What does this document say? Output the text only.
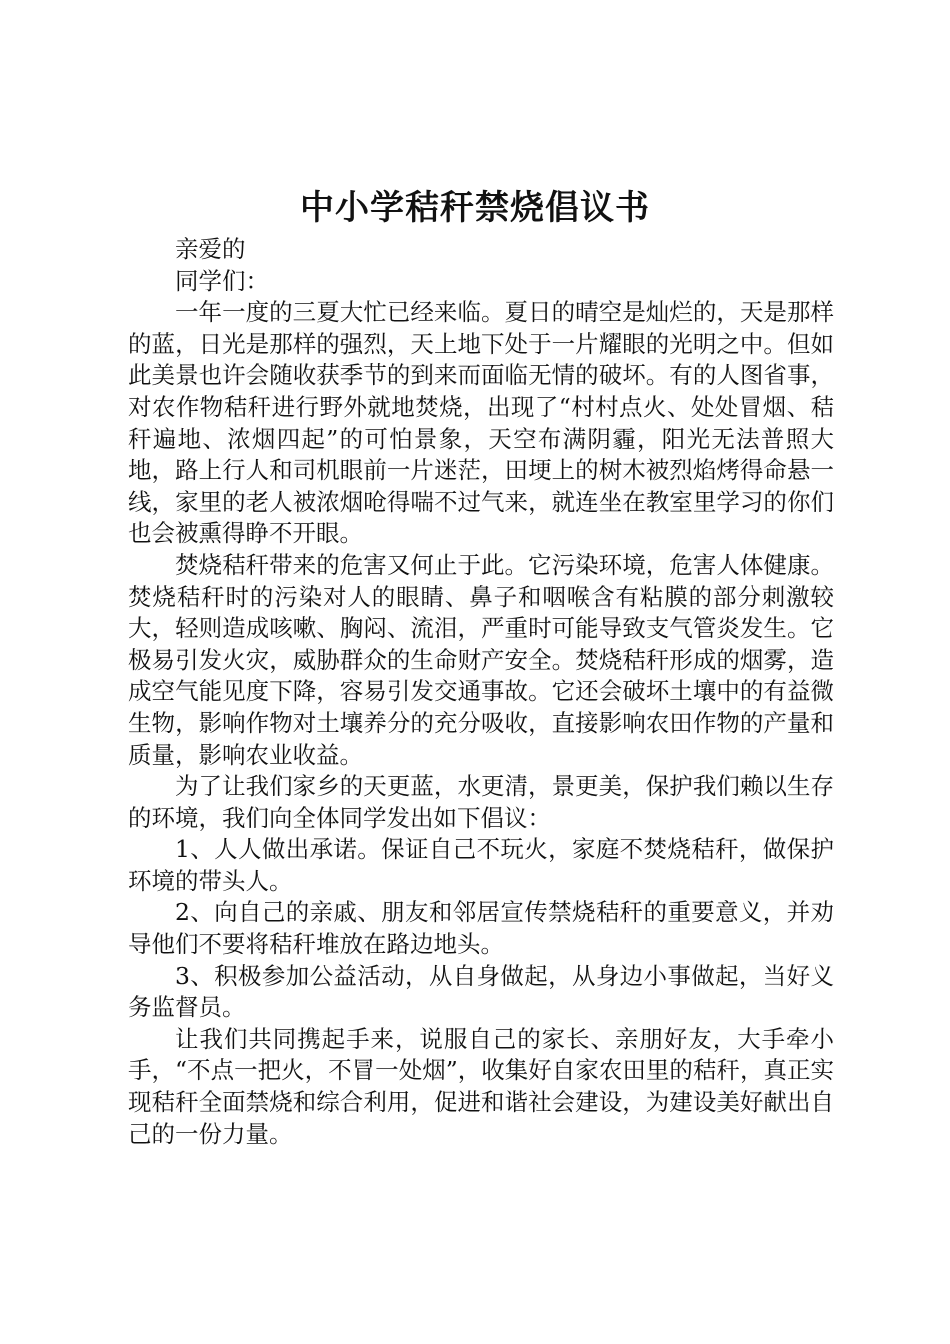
中小学秸秆禁烧倡议书

亲爱的

同学们：

一年一度的三夏大忙已经来临。夏日的晴空是灿烂的，天是那样的蓝，日光是那样的强烈，天上地下处于一片耀眼的光明之中。但如此美景也许会随收获季节的到来而面临无情的破坏。有的人图省事，对农作物秸秆进行野外就地焚烧，出现了“村村点火、处处冒烟、秸秆遍地、浓烟四起”的可怕景象，天空布满阴霾，阳光无法普照大地，路上行人和司机眼前一片迷茫，田埂上的树木被烈焰烤得命悬一线，家里的老人被浓烟呛得喘不过气来，就连坐在教室里学习的你们也会被熏得睁不开眼。

焚烧秸秆带来的危害又何止于此。它污染环境，危害人体健康。焚烧秸秆时的污染对人的眼睛、鼻子和咽喉含有粘膜的部分刺激较大，轻则造成咳嗽、胸闷、流泪，严重时可能导致支气管炎发生。它极易引发火灾，威胁群众的生命财产安全。焚烧秸秆形成的烟雾，造成空气能见度下降，容易引发交通事故。它还会破坏土壤中的有益微生物，影响作物对土壤养分的充分吸收，直接影响农田作物的产量和质量，影响农业收益。

为了让我们家乡的天更蓝，水更清，景更美，保护我们赖以生存的环境，我们向全体同学发出如下倡议：

1、人人做出承诺。保证自己不玩火，家庭不焚烧秸秆，做保护环境的带头人。

2、向自己的亲戚、朋友和邻居宣传禁烧秸秆的重要意义，并劝导他们不要将秸秆堆放在路边地头。

3、积极参加公益活动，从自身做起，从身边小事做起，当好义务监督员。

让我们共同携起手来，说服自己的家长、亲朋好友，大手牵小手，“不点一把火，不冒一处烟”，收集好自家农田里的秸秆，真正实现秸秆全面禁烧和综合利用，促进和谐社会建设，为建设美好献出自己的一份力量。
